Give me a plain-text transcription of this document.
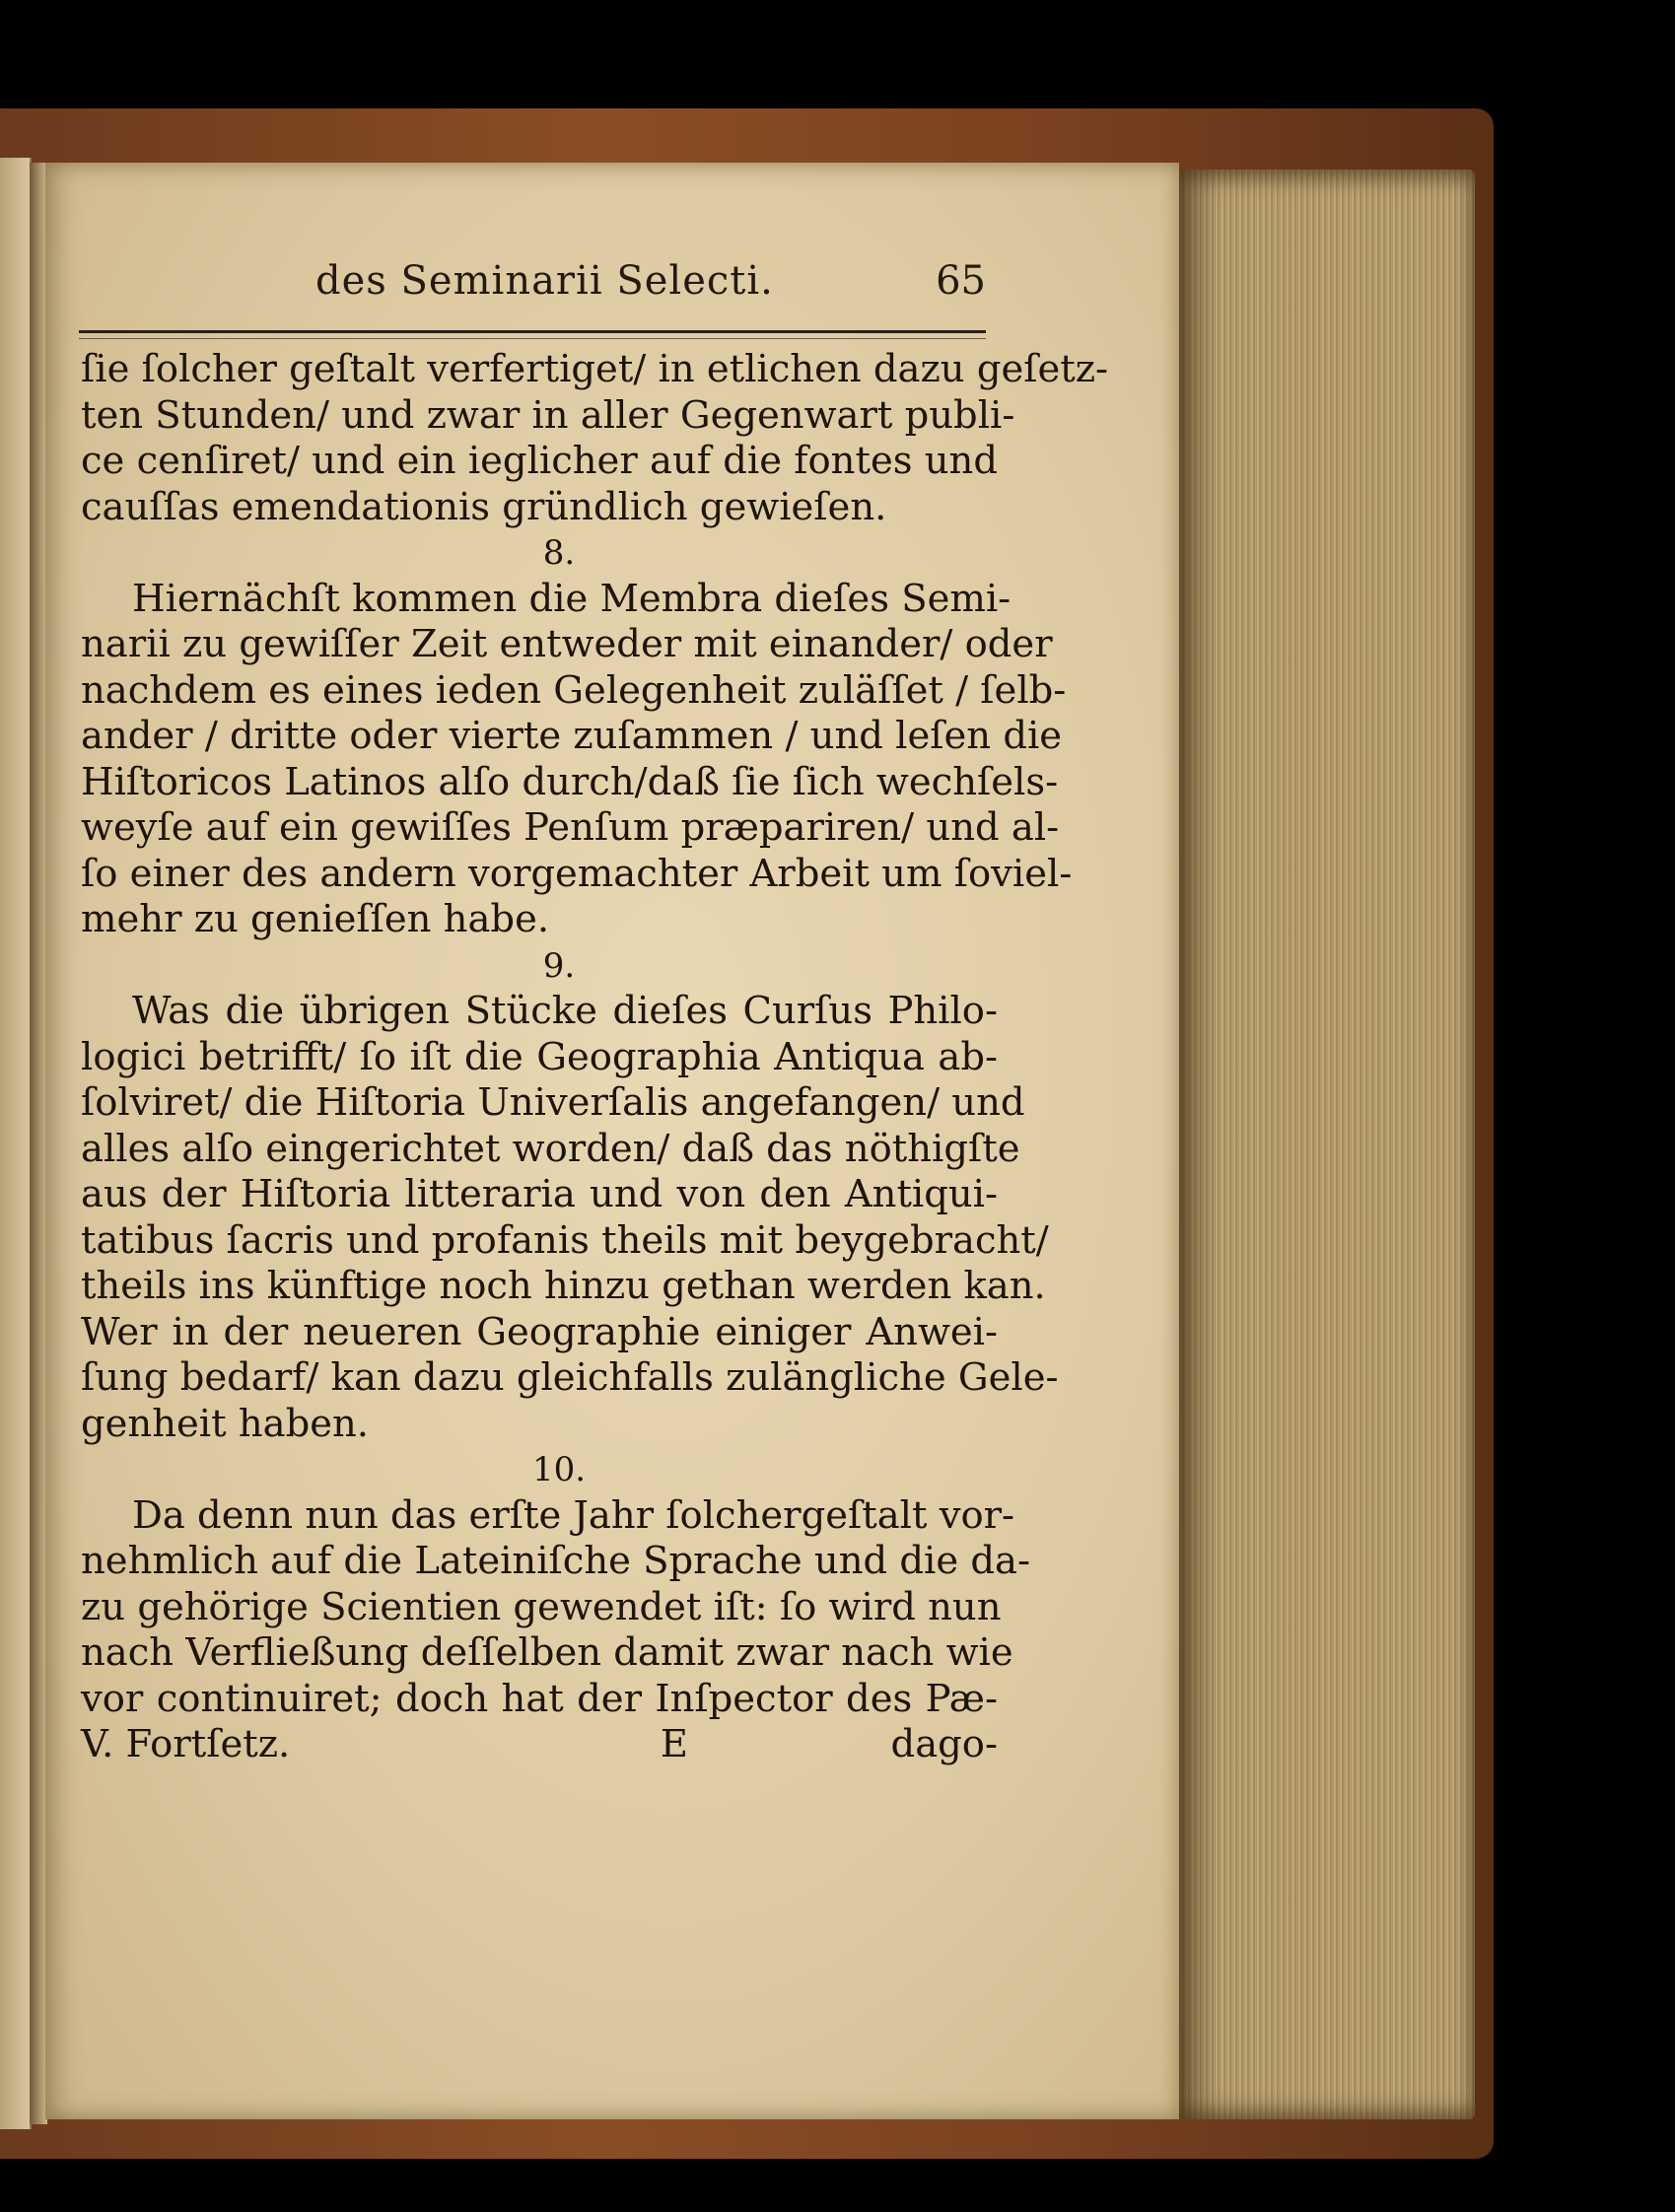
des Seminarii Selecti.	65
ſie ſolcher geſtalt verfertiget/ in etlichen dazu geſetz-
ten Stunden/ und zwar in aller Gegenwart publi-
ce cenſiret/ und ein ieglicher auf die fontes und
cauſſas emendationis gründlich gewieſen.
8.
Hiernächſt kommen die Membra dieſes Semi-
narii zu gewiſſer Zeit entweder mit einander/ oder
nachdem es eines ieden Gelegenheit zuläſſet / ſelb-
ander / dritte oder vierte zuſammen / und leſen die
Hiſtoricos Latinos alſo durch/daß ſie ſich wechſels-
weyſe auf ein gewiſſes Penſum præpariren/ und al-
ſo einer des andern vorgemachter Arbeit um ſoviel-
mehr zu genieſſen habe.
9.
Was die übrigen Stücke dieſes Curſus Philo-
logici betrifft/ ſo iſt die Geographia Antiqua ab-
ſolviret/ die Hiſtoria Univerſalis angefangen/ und
alles alſo eingerichtet worden/ daß das nöthigſte
aus der Hiſtoria litteraria und von den Antiqui-
tatibus ſacris und profanis theils mit beygebracht/
theils ins künftige noch hinzu gethan werden kan.
Wer in der neueren Geographie einiger Anwei-
ſung bedarf/ kan dazu gleichfalls zulängliche Gele-
genheit haben.
10.
Da denn nun das erſte Jahr ſolchergeſtalt vor-
nehmlich auf die Lateiniſche Sprache und die da-
zu gehörige Scientien gewendet iſt: ſo wird nun
nach Verfließung deſſelben damit zwar nach wie
vor continuiret; doch hat der Inſpector des Pæ-
V. Fortſetz.	E	dago-
